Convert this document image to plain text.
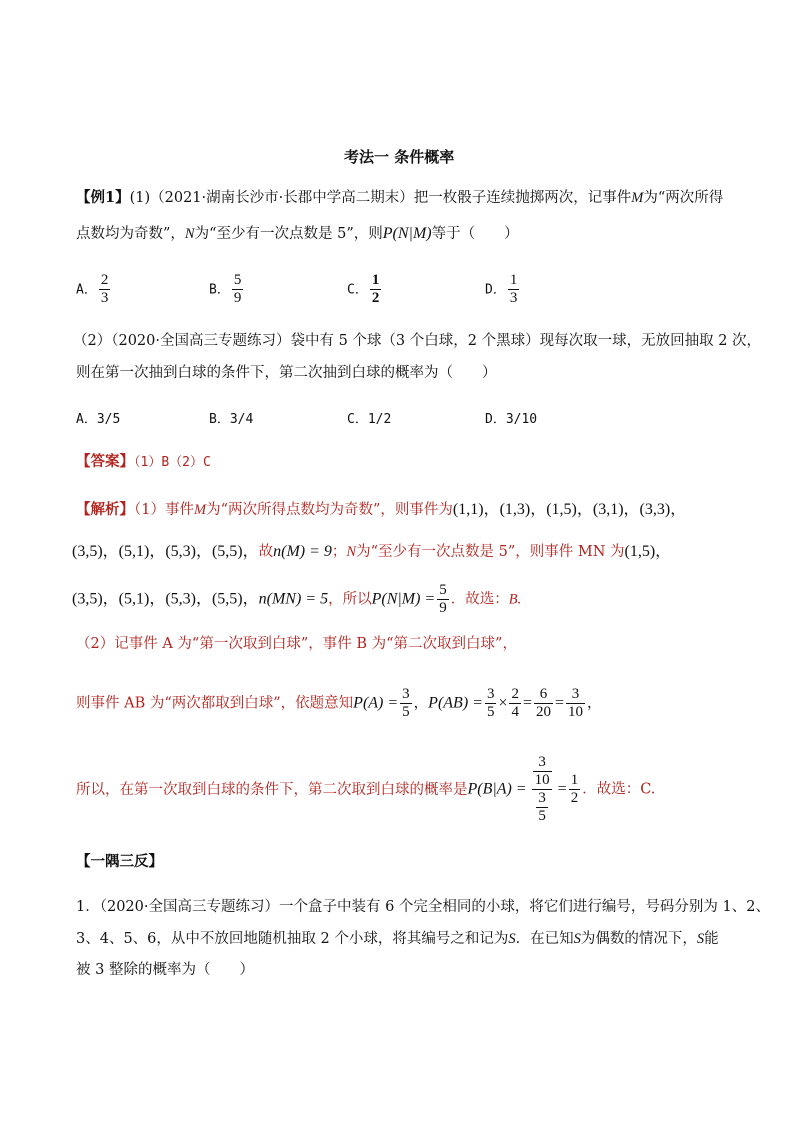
考法一 条件概率
【例1】(1)（2021·湖南长沙市·长郡中学高二期末）把一枚骰子连续抛掷两次，记事件M为“两次所得
点数均为奇数”，N为“至少有一次点数是 5”，则P(N|M)等于（　　）
A． $\frac{2}{3}$	B． $\frac{5}{9}$	C． $\frac{1}{2}$	D． $\frac{1}{3}$
（2）（2020·全国高三专题练习）袋中有 5 个球（3 个白球，2 个黑球）现每次取一球，无放回抽取 2 次，
则在第一次抽到白球的条件下，第二次抽到白球的概率为（　　）
A．3/5	B．3/4	C．1/2	D．3/10
【答案】（1）B（2）C
【解析】（1）事件M为“两次所得点数均为奇数”，则事件为(1,1)，(1,3)，(1,5)，(3,1)，(3,3)，
(3,5)，(5,1)，(5,3)，(5,5)，故n(M) = 9；N为“至少有一次点数是 5”，则事件 MN 为(1,5)，
(3,5)，(5,1)，(5,3)，(5,5)，n(MN) = 5，所以$P(N|M) = \frac{5}{9}$ ．故选：B.
（2）记事件 A 为“第一次取到白球”，事件 B 为“第二次取到白球”，
则事件 AB 为“两次都取到白球”，依题意知$P(A) = \frac{3}{5}$ ，$P(AB) = \frac{3}{5} \times \frac{2}{4} = \frac{6}{20} = \frac{3}{10}$ ，
所以，在第一次取到白球的条件下，第二次取到白球的概率是$P(B|A) = \frac{\frac{3}{10}}{\frac{3}{5}} = \frac{1}{2}$ ．故选：C.
【一隅三反】
1．（2020·全国高三专题练习）一个盒子中装有 6 个完全相同的小球，将它们进行编号，号码分别为 1、2、
3、4、5、6，从中不放回地随机抽取 2 个小球，将其编号之和记为S．在已知S为偶数的情况下，S能
被 3 整除的概率为（　　）
